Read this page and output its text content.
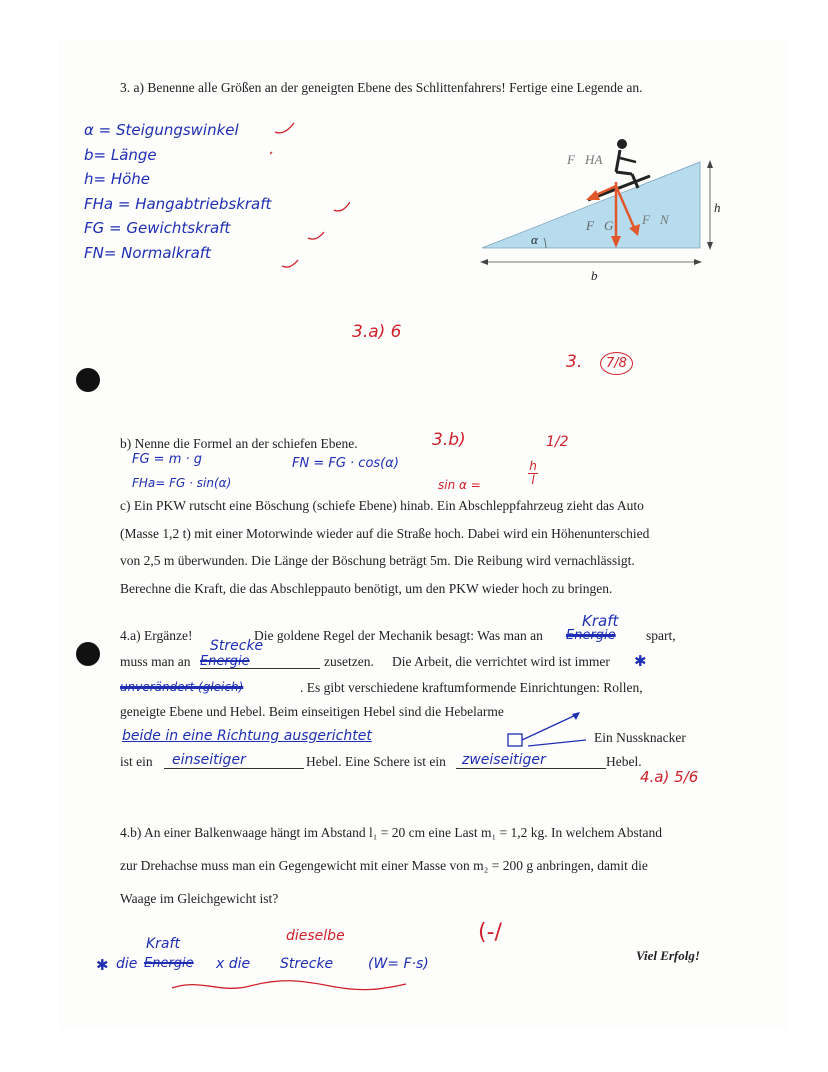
3. a) Benenne alle Größen an der geneigten Ebene des Schlittenfahrers! Fertige eine Legende an.
α = Steigungswinkel
b= Länge
h= Höhe
FHa = Hangabtriebskraft
FG = Gewichtskraft
FN= Normalkraft
F⃗HA
F⃗G F⃗N
α
h
b
3.a) 6
3.	7/8
b) Nenne die Formel an der schiefen Ebene.	3.b)	1/2
FG = m · g	FN = FG · cos(α)
FHa= FG · sin(α)	sin α =
h
l
c) Ein PKW rutscht eine Böschung (schiefe Ebene) hinab. Ein Abschleppfahrzeug zieht das Auto
(Masse 1,2 t) mit einer Motorwinde wieder auf die Straße hoch. Dabei wird ein Höhenunterschied
von 2,5 m überwunden. Die Länge der Böschung beträgt 5m. Die Reibung wird vernachlässigt.
Berechne die Kraft, die das Abschleppauto benötigt, um den PKW wieder hoch zu bringen.
4.a) Ergänze!	Die goldene Regel der Mechanik besagt: Was man an
Kraft
Energie spart,
muss man an
Strecke
Energie	zusetzen. Die Arbeit, die verrichtet wird ist immer ✱
unverändert (gleich)	. Es gibt verschiedene kraftumformende Einrichtungen: Rollen,
geneigte Ebene und Hebel. Beim einseitigen Hebel sind die Hebelarme
beide in eine Richtung ausgerichtet	Ein Nussknacker
ist ein einseitiger	Hebel. Eine Schere ist ein zweiseitiger	Hebel.
4.a) 5/6
4.b) An einer Balkenwaage hängt im Abstand l₁ = 20 cm eine Last m₁ = 1,2 kg. In welchem Abstand
zur Drehachse muss man ein Gegengewicht mit einer Masse von m₂ = 200 g anbringen, damit die
Waage im Gleichgewicht ist?
Kraft	dieselbe	(-/
✱ die Energie x die Strecke (W= F·s)
Viel Erfolg!
